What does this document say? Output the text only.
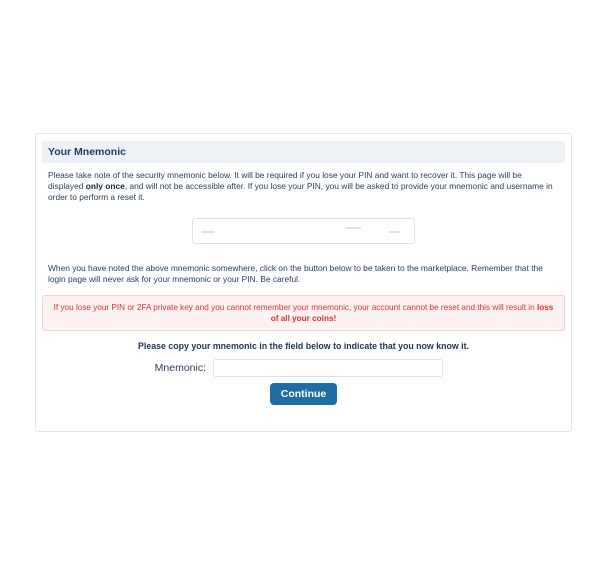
Your Mnemonic

Please take note of the security mnemonic below. It will be required if you lose your PIN and want to recover it. This page will be displayed only once, and will not be accessible after. If you lose your PIN, you will be asked to provide your mnemonic and username in order to perform a reset it.

When you have noted the above mnemonic somewhere, click on the button below to be taken to the marketplace. Remember that the login page will never ask for your mnemonic or your PIN. Be careful.

If you lose your PIN or 2FA private key and you cannot remember your mnemonic, your account cannot be reset and this will result in loss of all your coins!
Please copy your mnemonic in the field below to indicate that you now know it.
Mnemonic:
Continue
